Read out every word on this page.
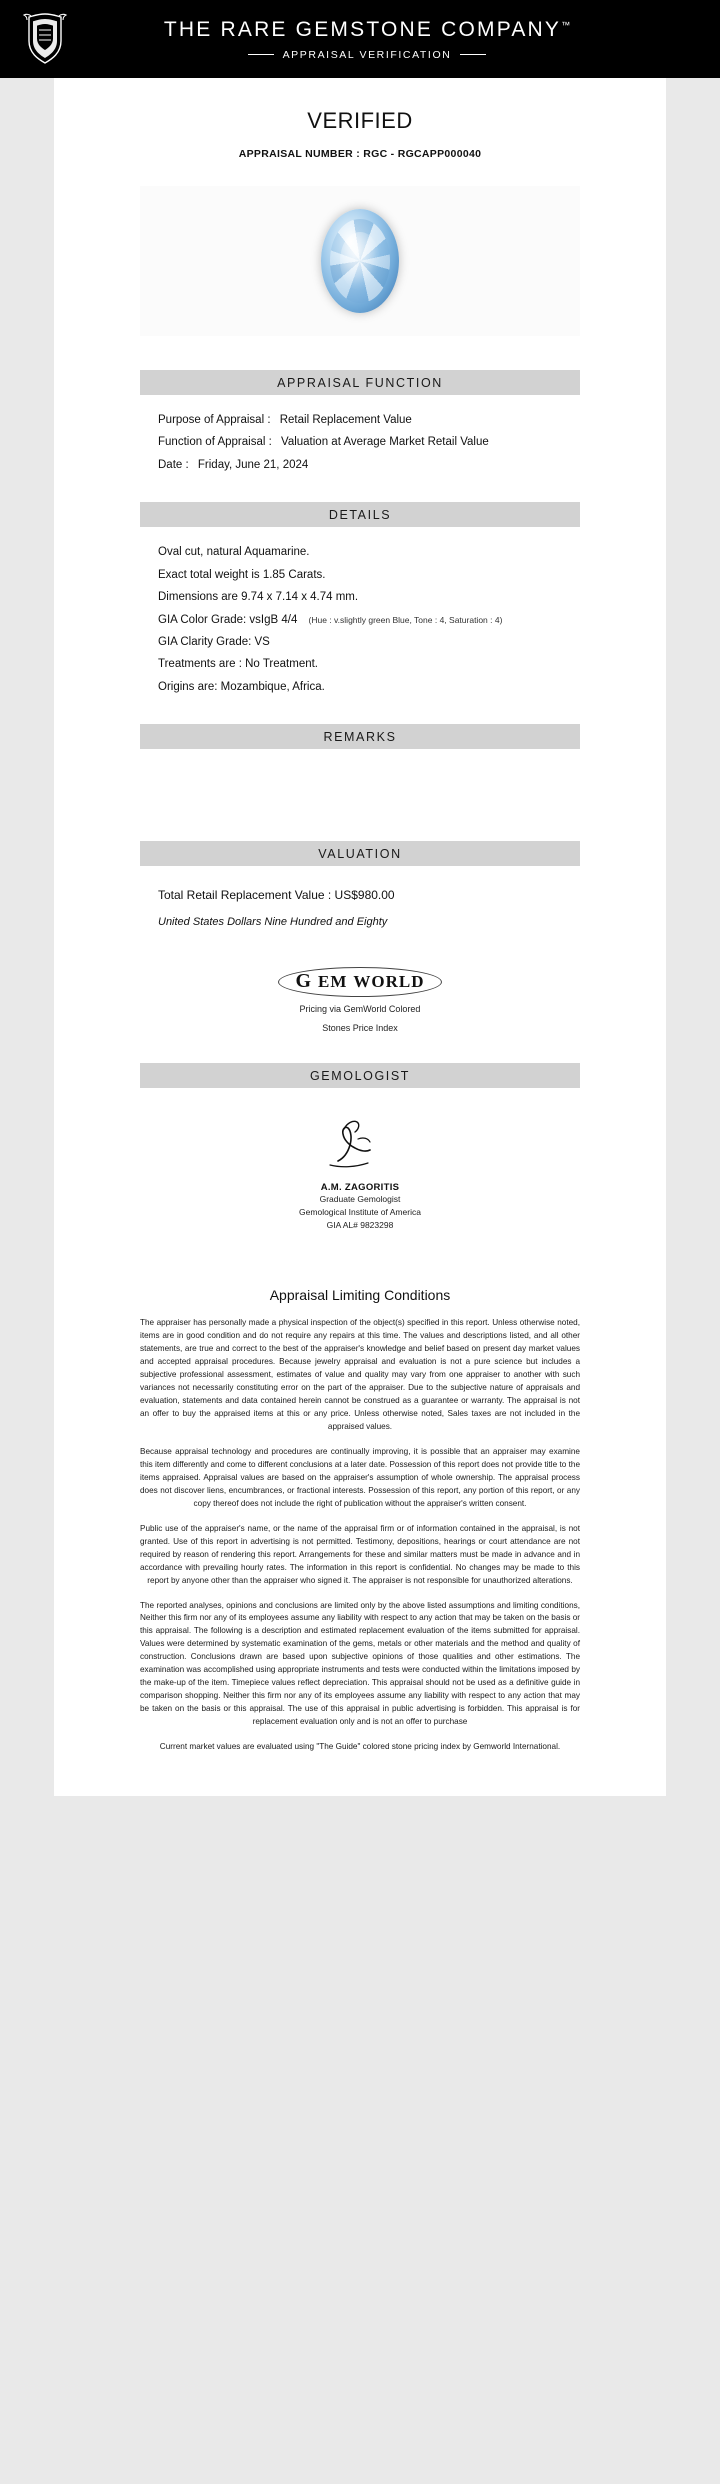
THE RARE GEMSTONE COMPANY™
APPRAISAL VERIFICATION
VERIFIED
APPRAISAL NUMBER : RGC - RGCAPP000040
APPRAISAL FUNCTION
Purpose of Appraisal : Retail Replacement Value
Function of Appraisal : Valuation at Average Market Retail Value
Date : Friday, June 21, 2024
DETAILS
Oval cut, natural Aquamarine.
Exact total weight is 1.85 Carats.
Dimensions are 9.74 x 7.14 x 4.74 mm.
GIA Color Grade: vsIgB 4/4 (Hue : v.slightly green Blue, Tone : 4, Saturation : 4)
GIA Clarity Grade: VS
Treatments are : No Treatment.
Origins are: Mozambique, Africa.
REMARKS
VALUATION
Total Retail Replacement Value : US$980.00
United States Dollars Nine Hundred and Eighty
G EM WORLD
Pricing via GemWorld Colored
Stones Price Index
GEMOLOGIST
A.M. ZAGORITIS
Graduate Gemologist
Gemological Institute of America
GIA AL# 9823298
Appraisal Limiting Conditions

The appraiser has personally made a physical inspection of the object(s) specified in this report. Unless otherwise noted, items are in good condition and do not require any repairs at this time. The values and descriptions listed, and all other statements, are true and correct to the best of the appraiser's knowledge and belief based on present day market values and accepted appraisal procedures. Because jewelry appraisal and evaluation is not a pure science but includes a subjective professional assessment, estimates of value and quality may vary from one appraiser to another with such variances not necessarily constituting error on the part of the appraiser. Due to the subjective nature of appraisals and evaluation, statements and data contained herein cannot be construed as a guarantee or warranty. The appraisal is not an offer to buy the appraised items at this or any price. Unless otherwise noted, Sales taxes are not included in the appraised values.

Because appraisal technology and procedures are continually improving, it is possible that an appraiser may examine this item differently and come to different conclusions at a later date. Possession of this report does not provide title to the items appraised. Appraisal values are based on the appraiser's assumption of whole ownership. The appraisal process does not discover liens, encumbrances, or fractional interests. Possession of this report, any portion of this report, or any copy thereof does not include the right of publication without the appraiser's written consent.

Public use of the appraiser's name, or the name of the appraisal firm or of information contained in the appraisal, is not granted. Use of this report in advertising is not permitted. Testimony, depositions, hearings or court attendance are not required by reason of rendering this report. Arrangements for these and similar matters must be made in advance and in accordance with prevailing hourly rates. The information in this report is confidential. No changes may be made to this report by anyone other than the appraiser who signed it. The appraiser is not responsible for unauthorized alterations.

The reported analyses, opinions and conclusions are limited only by the above listed assumptions and limiting conditions, Neither this firm nor any of its employees assume any liability with respect to any action that may be taken on the basis or this appraisal. The following is a description and estimated replacement evaluation of the items submitted for appraisal. Values were determined by systematic examination of the gems, metals or other materials and the method and quality of construction. Conclusions drawn are based upon subjective opinions of those qualities and other estimations. The examination was accomplished using appropriate instruments and tests were conducted within the limitations imposed by the make-up of the item. Timepiece values reflect depreciation. This appraisal should not be used as a definitive guide in comparison shopping. Neither this firm nor any of its employees assume any liability with respect to any action that may be taken on the basis or this appraisal. The use of this appraisal in public advertising is forbidden. This appraisal is for replacement evaluation only and is not an offer to purchase

Current market values are evaluated using "The Guide" colored stone pricing index by Gemworld International.
